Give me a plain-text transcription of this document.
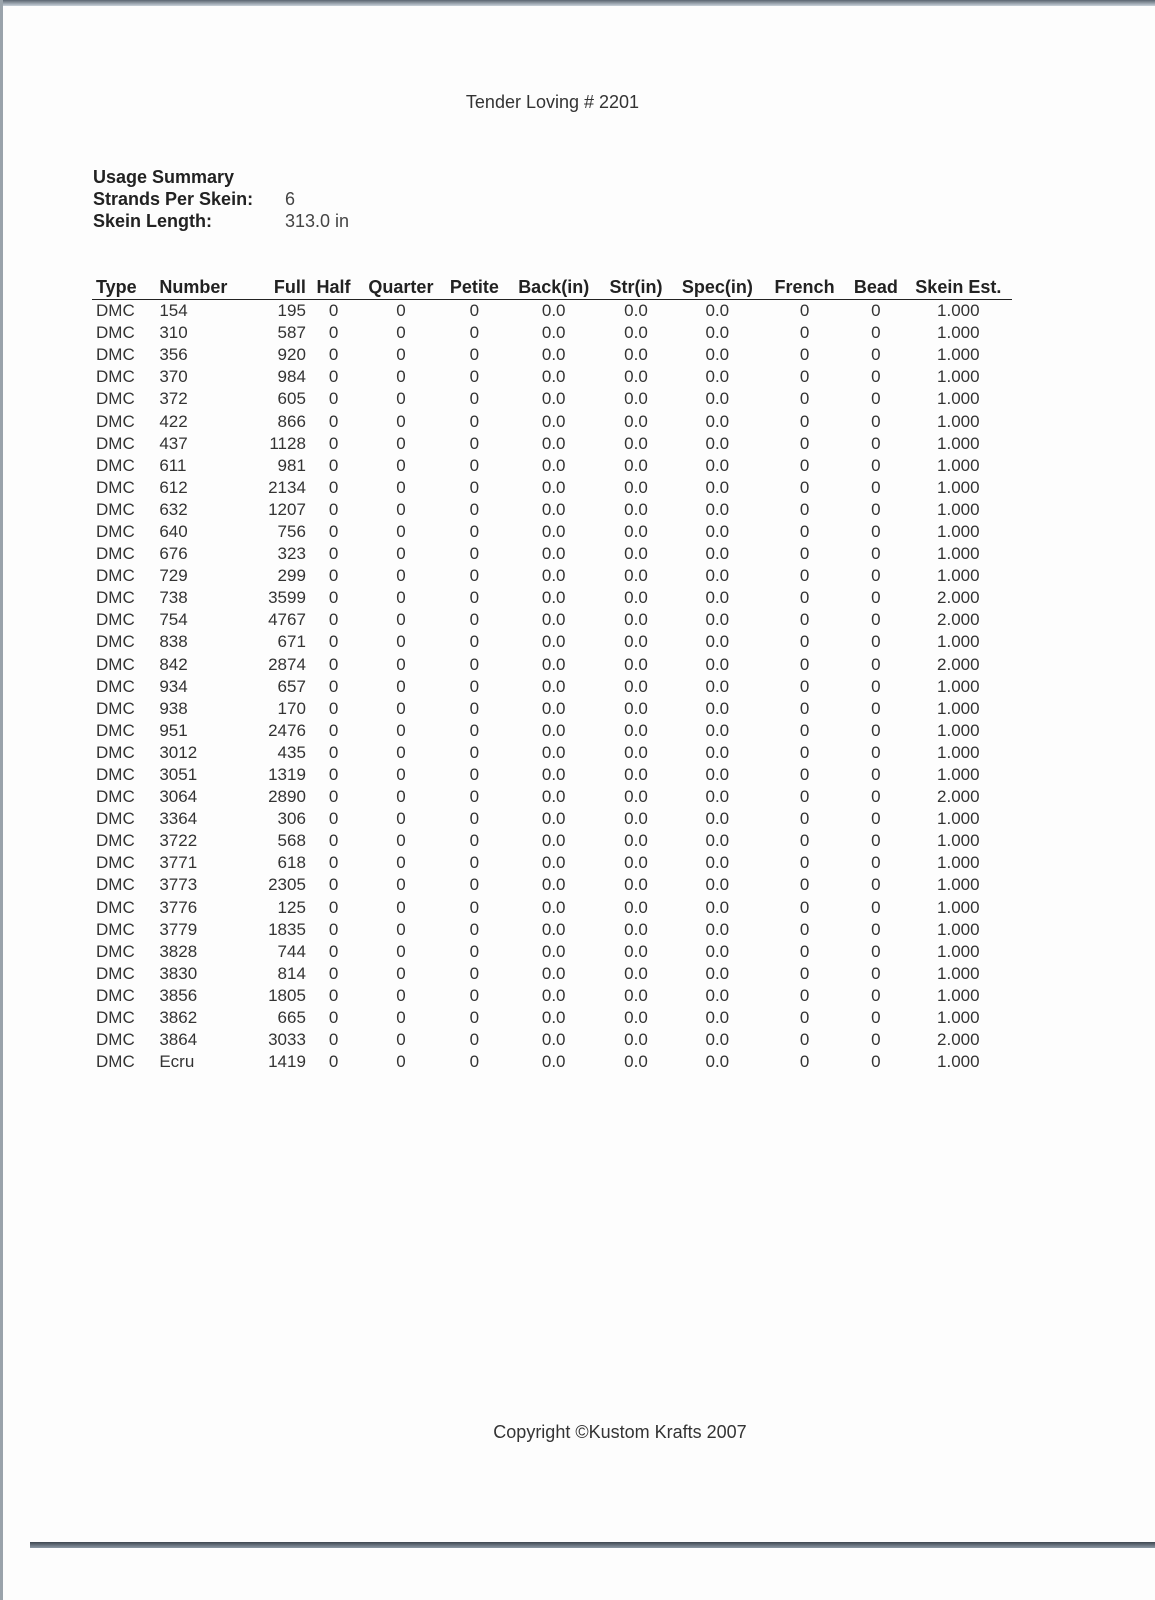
Tender Loving # 2201
Usage Summary
Strands Per Skein: 6
Skein Length:	313.0 in
Type	Number	Full	Half	Quarter	Petite	Back(in)	Str(in)	Spec(in)	French	Bead	Skein Est.
DMC	154	195	0	0	0	0.0	0.0	0.0	0	0	1.000
DMC	310	587	0	0	0	0.0	0.0	0.0	0	0	1.000
DMC	356	920	0	0	0	0.0	0.0	0.0	0	0	1.000
DMC	370	984	0	0	0	0.0	0.0	0.0	0	0	1.000
DMC	372	605	0	0	0	0.0	0.0	0.0	0	0	1.000
DMC	422	866	0	0	0	0.0	0.0	0.0	0	0	1.000
DMC	437	1128	0	0	0	0.0	0.0	0.0	0	0	1.000
DMC	611	981	0	0	0	0.0	0.0	0.0	0	0	1.000
DMC	612	2134	0	0	0	0.0	0.0	0.0	0	0	1.000
DMC	632	1207	0	0	0	0.0	0.0	0.0	0	0	1.000
DMC	640	756	0	0	0	0.0	0.0	0.0	0	0	1.000
DMC	676	323	0	0	0	0.0	0.0	0.0	0	0	1.000
DMC	729	299	0	0	0	0.0	0.0	0.0	0	0	1.000
DMC	738	3599	0	0	0	0.0	0.0	0.0	0	0	2.000
DMC	754	4767	0	0	0	0.0	0.0	0.0	0	0	2.000
DMC	838	671	0	0	0	0.0	0.0	0.0	0	0	1.000
DMC	842	2874	0	0	0	0.0	0.0	0.0	0	0	2.000
DMC	934	657	0	0	0	0.0	0.0	0.0	0	0	1.000
DMC	938	170	0	0	0	0.0	0.0	0.0	0	0	1.000
DMC	951	2476	0	0	0	0.0	0.0	0.0	0	0	1.000
DMC	3012	435	0	0	0	0.0	0.0	0.0	0	0	1.000
DMC	3051	1319	0	0	0	0.0	0.0	0.0	0	0	1.000
DMC	3064	2890	0	0	0	0.0	0.0	0.0	0	0	2.000
DMC	3364	306	0	0	0	0.0	0.0	0.0	0	0	1.000
DMC	3722	568	0	0	0	0.0	0.0	0.0	0	0	1.000
DMC	3771	618	0	0	0	0.0	0.0	0.0	0	0	1.000
DMC	3773	2305	0	0	0	0.0	0.0	0.0	0	0	1.000
DMC	3776	125	0	0	0	0.0	0.0	0.0	0	0	1.000
DMC	3779	1835	0	0	0	0.0	0.0	0.0	0	0	1.000
DMC	3828	744	0	0	0	0.0	0.0	0.0	0	0	1.000
DMC	3830	814	0	0	0	0.0	0.0	0.0	0	0	1.000
DMC	3856	1805	0	0	0	0.0	0.0	0.0	0	0	1.000
DMC	3862	665	0	0	0	0.0	0.0	0.0	0	0	1.000
DMC	3864	3033	0	0	0	0.0	0.0	0.0	0	0	2.000
DMC	Ecru	1419	0	0	0	0.0	0.0	0.0	0	0	1.000
Copyright ©Kustom Krafts 2007
